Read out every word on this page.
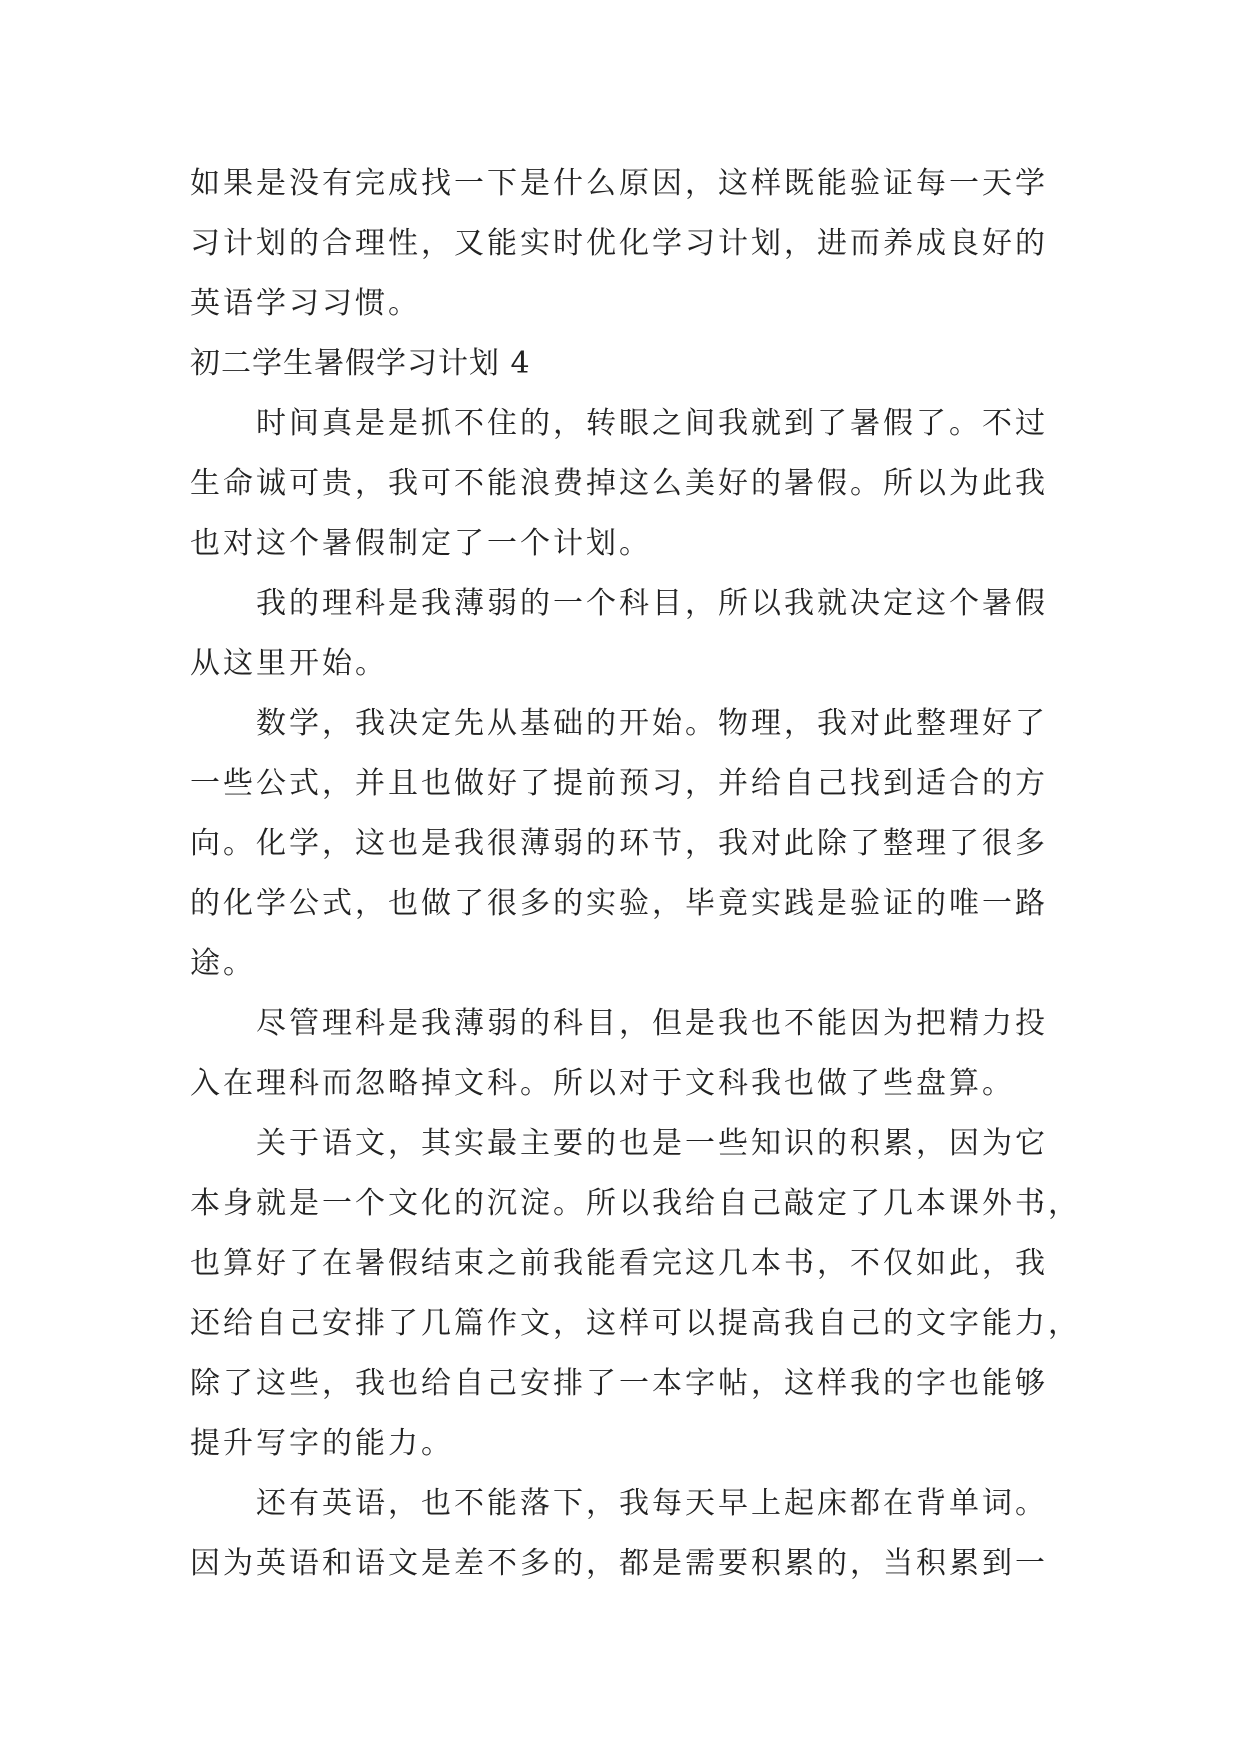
如果是没有完成找一下是什么原因，这样既能验证每一天学
习计划的合理性，又能实时优化学习计划，进而养成良好的
英语学习习惯。
初二学生暑假学习计划 4
时间真是是抓不住的，转眼之间我就到了暑假了。不过
生命诚可贵，我可不能浪费掉这么美好的暑假。所以为此我
也对这个暑假制定了一个计划。
我的理科是我薄弱的一个科目，所以我就决定这个暑假
从这里开始。
数学，我决定先从基础的开始。物理，我对此整理好了
一些公式，并且也做好了提前预习，并给自己找到适合的方
向。化学，这也是我很薄弱的环节，我对此除了整理了很多
的化学公式，也做了很多的实验，毕竟实践是验证的唯一路
途。
尽管理科是我薄弱的科目，但是我也不能因为把精力投
入在理科而忽略掉文科。所以对于文科我也做了些盘算。
关于语文，其实最主要的也是一些知识的积累，因为它
本身就是一个文化的沉淀。所以我给自己敲定了几本课外书，
也算好了在暑假结束之前我能看完这几本书，不仅如此，我
还给自己安排了几篇作文，这样可以提高我自己的文字能力，
除了这些，我也给自己安排了一本字帖，这样我的字也能够
提升写字的能力。
还有英语，也不能落下，我每天早上起床都在背单词。
因为英语和语文是差不多的，都是需要积累的，当积累到一
